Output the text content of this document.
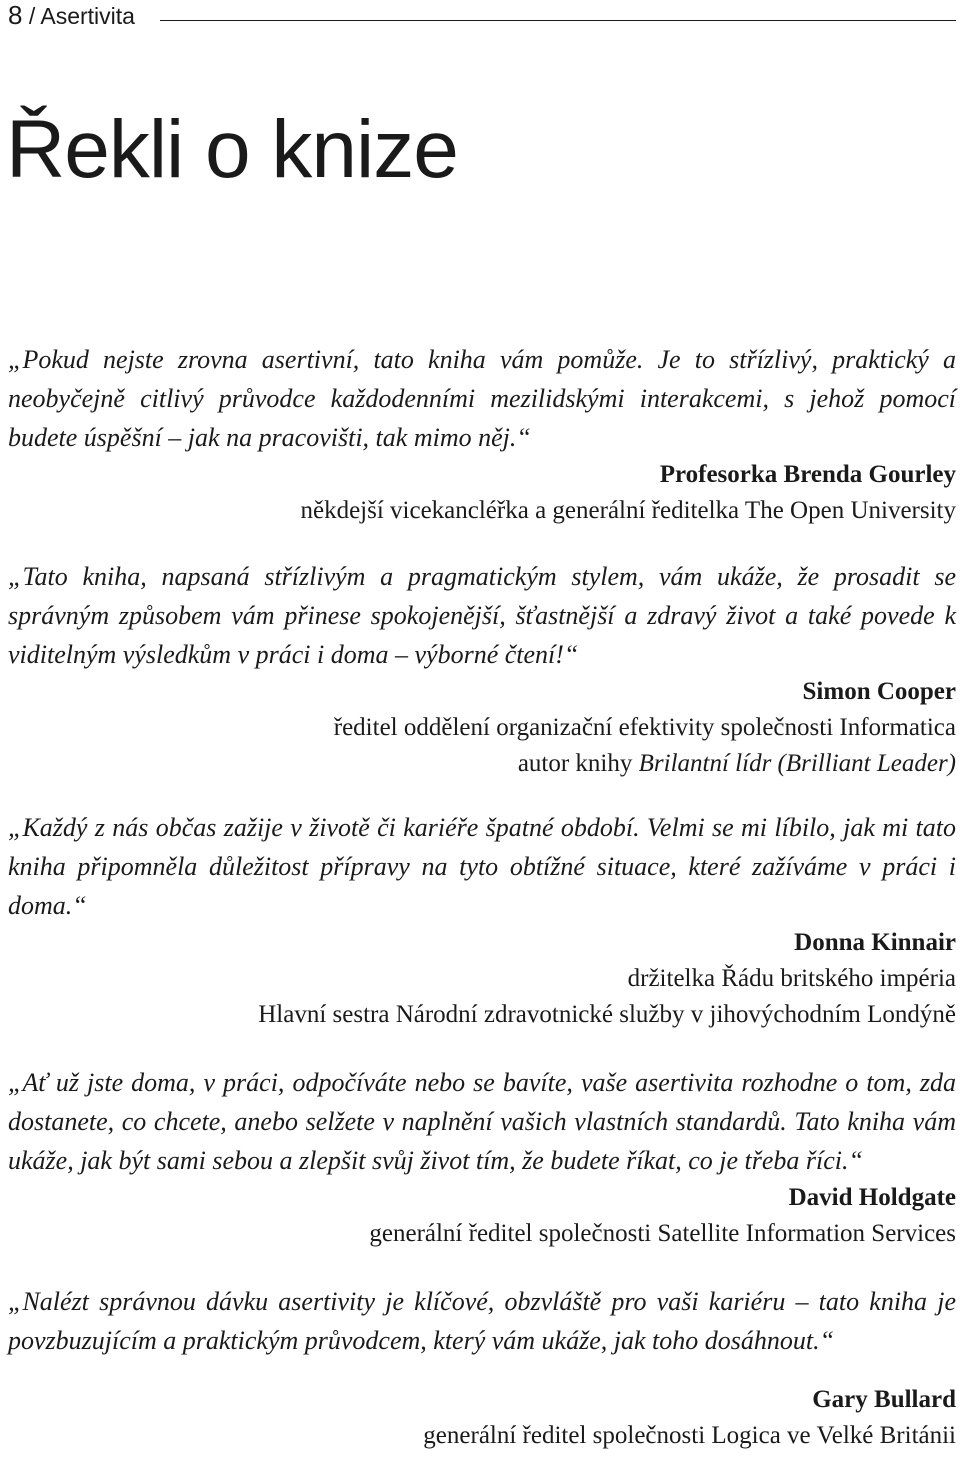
8 / Asertivita
Řekli o knize

„Pokud nejste zrovna asertivní, tato kniha vám pomůže. Je to střízlivý, praktický a neobyčejně citlivý průvodce každodenními mezilidskými interakcemi, s jehož pomocí budete úspěšní – jak na pracovišti, tak mimo něj.“

Profesorka Brenda Gourley
někdejší vicekancléřka a generální ředitelka The Open University

„Tato kniha, napsaná střízlivým a pragmatickým stylem, vám ukáže, že prosadit se správným způsobem vám přinese spokojenější, šťastnější a zdravý život a také povede k viditelným výsledkům v práci i doma – výborné čtení!“

Simon Cooper
ředitel oddělení organizační efektivity společnosti Informatica
autor knihy Brilantní lídr (Brilliant Leader)

„Každý z nás občas zažije v životě či kariéře špatné období. Velmi se mi líbilo, jak mi tato kniha připomněla důležitost přípravy na tyto obtížné situace, které zažíváme v práci i doma.“

Donna Kinnair
držitelka Řádu britského impéria
Hlavní sestra Národní zdravotnické služby v jihovýchodním Londýně

„Ať už jste doma, v práci, odpočíváte nebo se bavíte, vaše asertivita rozhodne o tom, zda dostanete, co chcete, anebo selžete v naplnění vašich vlastních standardů. Tato kniha vám ukáže, jak být sami sebou a zlepšit svůj život tím, že budete říkat, co je třeba říci.“

David Holdgate
generální ředitel společnosti Satellite Information Services

„Nalézt správnou dávku asertivity je klíčové, obzvláště pro vaši kariéru – tato kniha je povzbuzujícím a praktickým průvodcem, který vám ukáže, jak toho dosáhnout.“

Gary Bullard
generální ředitel společnosti Logica ve Velké Británii
